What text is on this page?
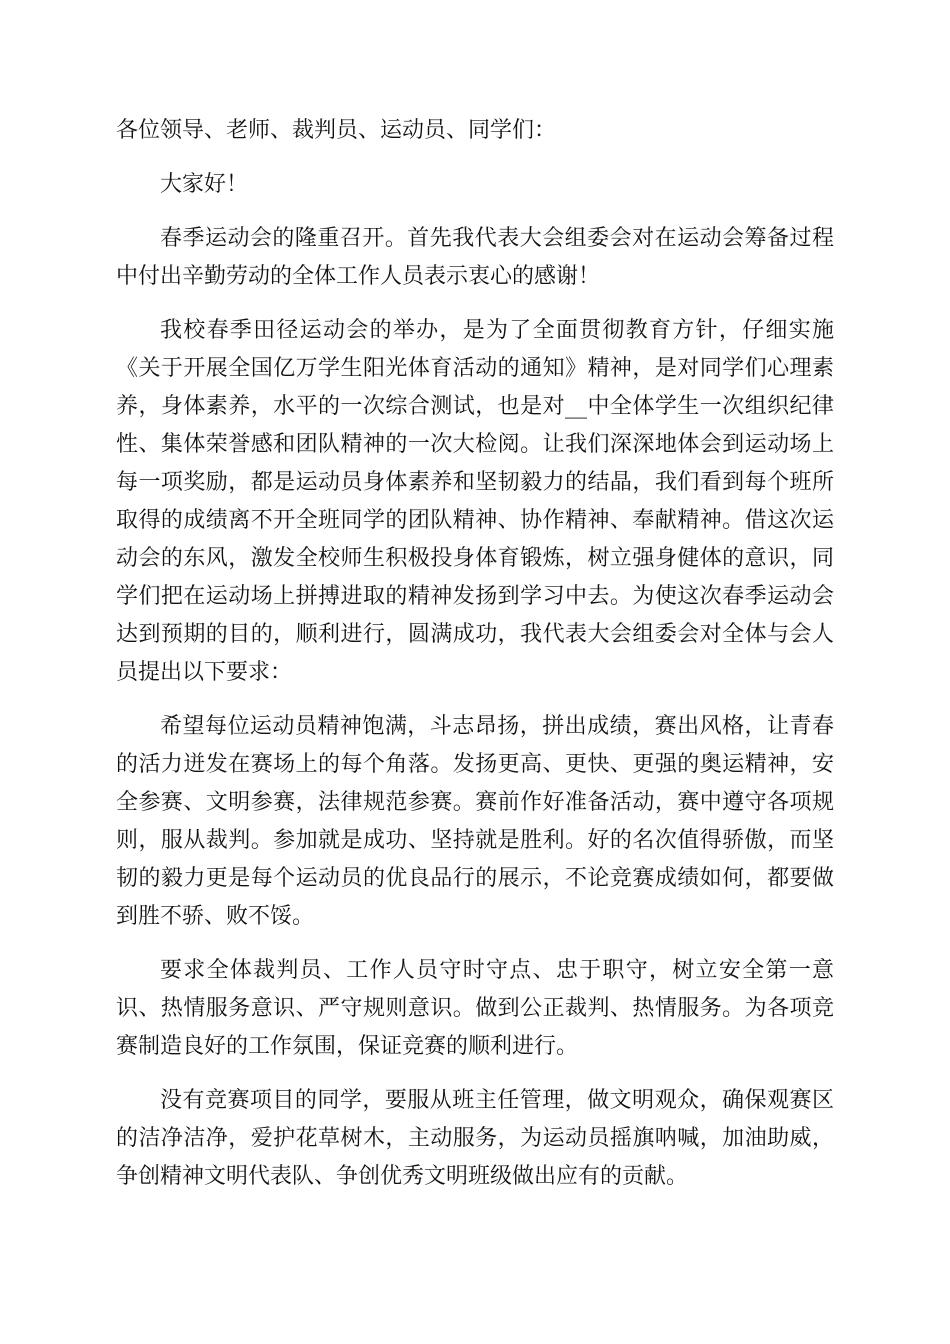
各位领导、老师、裁判员、运动员、同学们：

大家好！

春季运动会的隆重召开。首先我代表大会组委会对在运动会筹备过程中付出辛勤劳动的全体工作人员表示衷心的感谢！

我校春季田径运动会的举办，是为了全面贯彻教育方针，仔细实施《关于开展全国亿万学生阳光体育活动的通知》精神，是对同学们心理素养，身体素养，水平的一次综合测试，也是对__中全体学生一次组织纪律性、集体荣誉感和团队精神的一次大检阅。让我们深深地体会到运动场上每一项奖励，都是运动员身体素养和坚韧毅力的结晶，我们看到每个班所取得的成绩离不开全班同学的团队精神、协作精神、奉献精神。借这次运动会的东风，激发全校师生积极投身体育锻炼，树立强身健体的意识，同学们把在运动场上拼搏进取的精神发扬到学习中去。为使这次春季运动会达到预期的目的，顺利进行，圆满成功，我代表大会组委会对全体与会人员提出以下要求：

希望每位运动员精神饱满，斗志昂扬，拼出成绩，赛出风格，让青春的活力迸发在赛场上的每个角落。发扬更高、更快、更强的奥运精神，安全参赛、文明参赛，法律规范参赛。赛前作好准备活动，赛中遵守各项规则，服从裁判。参加就是成功、坚持就是胜利。好的名次值得骄傲，而坚韧的毅力更是每个运动员的优良品行的展示，不论竞赛成绩如何，都要做到胜不骄、败不馁。

要求全体裁判员、工作人员守时守点、忠于职守，树立安全第一意识、热情服务意识、严守规则意识。做到公正裁判、热情服务。为各项竞赛制造良好的工作氛围，保证竞赛的顺利进行。

没有竞赛项目的同学，要服从班主任管理，做文明观众，确保观赛区的洁净洁净，爱护花草树木，主动服务，为运动员摇旗呐喊，加油助威，争创精神文明代表队、争创优秀文明班级做出应有的贡献。
